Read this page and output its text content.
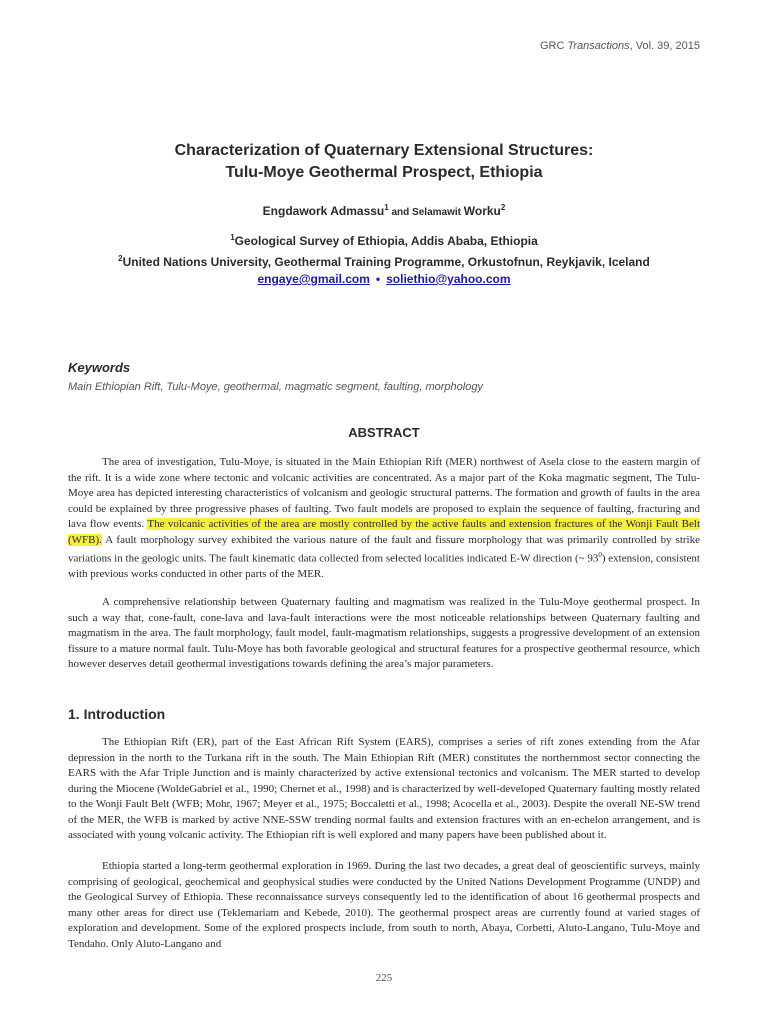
GRC Transactions, Vol. 39, 2015
Characterization of Quaternary Extensional Structures:
Tulu-Moye Geothermal Prospect, Ethiopia
Engdawork Admassu$^1$ and Selamawit Worku$^2$
$^1$Geological Survey of Ethiopia, Addis Ababa, Ethiopia
$^2$United Nations University, Geothermal Training Programme, Orkustofnun, Reykjavik, Iceland
engaye@gmail.com • soliethio@yahoo.com
Keywords
Main Ethiopian Rift, Tulu-Moye, geothermal, magmatic segment, faulting, morphology
ABSTRACT

The area of investigation, Tulu-Moye, is situated in the Main Ethiopian Rift (MER) northwest of Asela close to the eastern margin of the rift. It is a wide zone where tectonic and volcanic activities are concentrated. As a major part of the Koka magmatic segment, The Tulu-Moye area has depicted interesting characteristics of volcanism and geologic structural patterns. The formation and growth of faults in the area could be explained by three progressive phases of faulting. Two fault models are proposed to explain the sequence of faulting, fracturing and lava flow events. The volcanic activities of the area are mostly controlled by the active faults and extension fractures of the Wonji Fault Belt (WFB). A fault morphology survey exhibited the various nature of the fault and fissure morphology that was primarily controlled by strike variations in the geologic units. The fault kinematic data collected from selected localities indicated E-W direction (~ $93^0$) extension, consistent with previous works conducted in other parts of the MER.

A comprehensive relationship between Quaternary faulting and magmatism was realized in the Tulu-Moye geothermal prospect. In such a way that, cone-fault, cone-lava and lava-fault interactions were the most noticeable relationships between Quaternary faulting and magmatism in the area. The fault morphology, fault model, fault-magmatism relationships, suggests a progressive development of an extension fissure to a mature normal fault. Tulu-Moye has both favorable geological and structural features for a prospective geothermal resource, which however deserves detail geothermal investigations towards defining the area’s major parameters.

1. Introduction

The Ethiopian Rift (ER), part of the East African Rift System (EARS), comprises a series of rift zones extending from the Afar depression in the north to the Turkana rift in the south. The Main Ethiopian Rift (MER) constitutes the northernmost sector connecting the EARS with the Afar Triple Junction and is mainly characterized by active extensional tectonics and volcanism. The MER started to develop during the Miocene (WoldeGabriel et al., 1990; Chernet et al., 1998) and is characterized by well-developed Quaternary faulting mostly related to the Wonji Fault Belt (WFB; Mohr, 1967; Meyer et al., 1975; Boccaletti et al., 1998; Acocella et al., 2003). Despite the overall NE-SW trend of the MER, the WFB is marked by active NNE-SSW trending normal faults and extension fractures with an en-echelon arrangement, and is associated with young volcanic activity. The Ethiopian rift is well explored and many papers have been published about it.

Ethiopia started a long-term geothermal exploration in 1969. During the last two decades, a great deal of geoscientific surveys, mainly comprising of geological, geochemical and geophysical studies were conducted by the United Nations Development Programme (UNDP) and the Geological Survey of Ethiopia. These reconnaissance surveys consequently led to the identification of about 16 geothermal prospects and many other areas for direct use (Teklemariam and Kebede, 2010). The geothermal prospect areas are currently found at varied stages of exploration and development. Some of the explored prospects include, from south to north, Abaya, Corbetti, Aluto-Langano, Tulu-Moye and Tendaho. Only Aluto-Langano and

225
